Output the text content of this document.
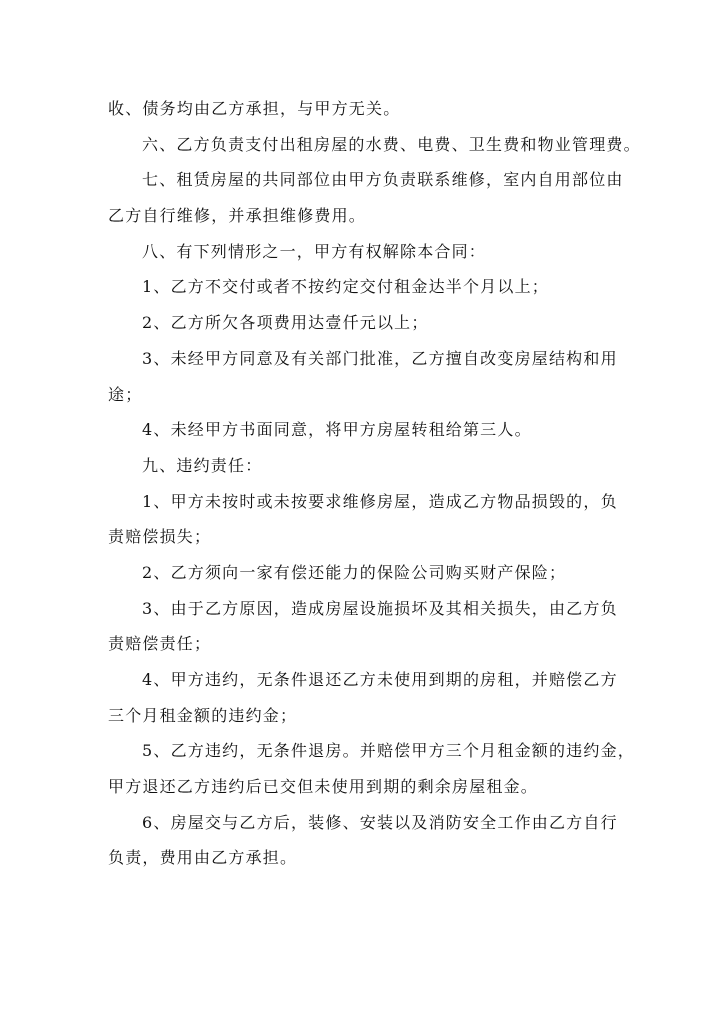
收、债务均由乙方承担，与甲方无关。
六、乙方负责支付出租房屋的水费、电费、卫生费和物业管理费。
七、租赁房屋的共同部位由甲方负责联系维修，室内自用部位由
乙方自行维修，并承担维修费用。
八、有下列情形之一，甲方有权解除本合同：
1、乙方不交付或者不按约定交付租金达半个月以上；
2、乙方所欠各项费用达壹仟元以上；
3、未经甲方同意及有关部门批准，乙方擅自改变房屋结构和用
途；
4、未经甲方书面同意，将甲方房屋转租给第三人。
九、违约责任：
1、甲方未按时或未按要求维修房屋，造成乙方物品损毁的，负
责赔偿损失；
2、乙方须向一家有偿还能力的保险公司购买财产保险；
3、由于乙方原因，造成房屋设施损坏及其相关损失，由乙方负
责赔偿责任；
4、甲方违约，无条件退还乙方未使用到期的房租，并赔偿乙方
三个月租金额的违约金；
5、乙方违约，无条件退房。并赔偿甲方三个月租金额的违约金，
甲方退还乙方违约后已交但未使用到期的剩余房屋租金。
6、房屋交与乙方后，装修、安装以及消防安全工作由乙方自行
负责，费用由乙方承担。
